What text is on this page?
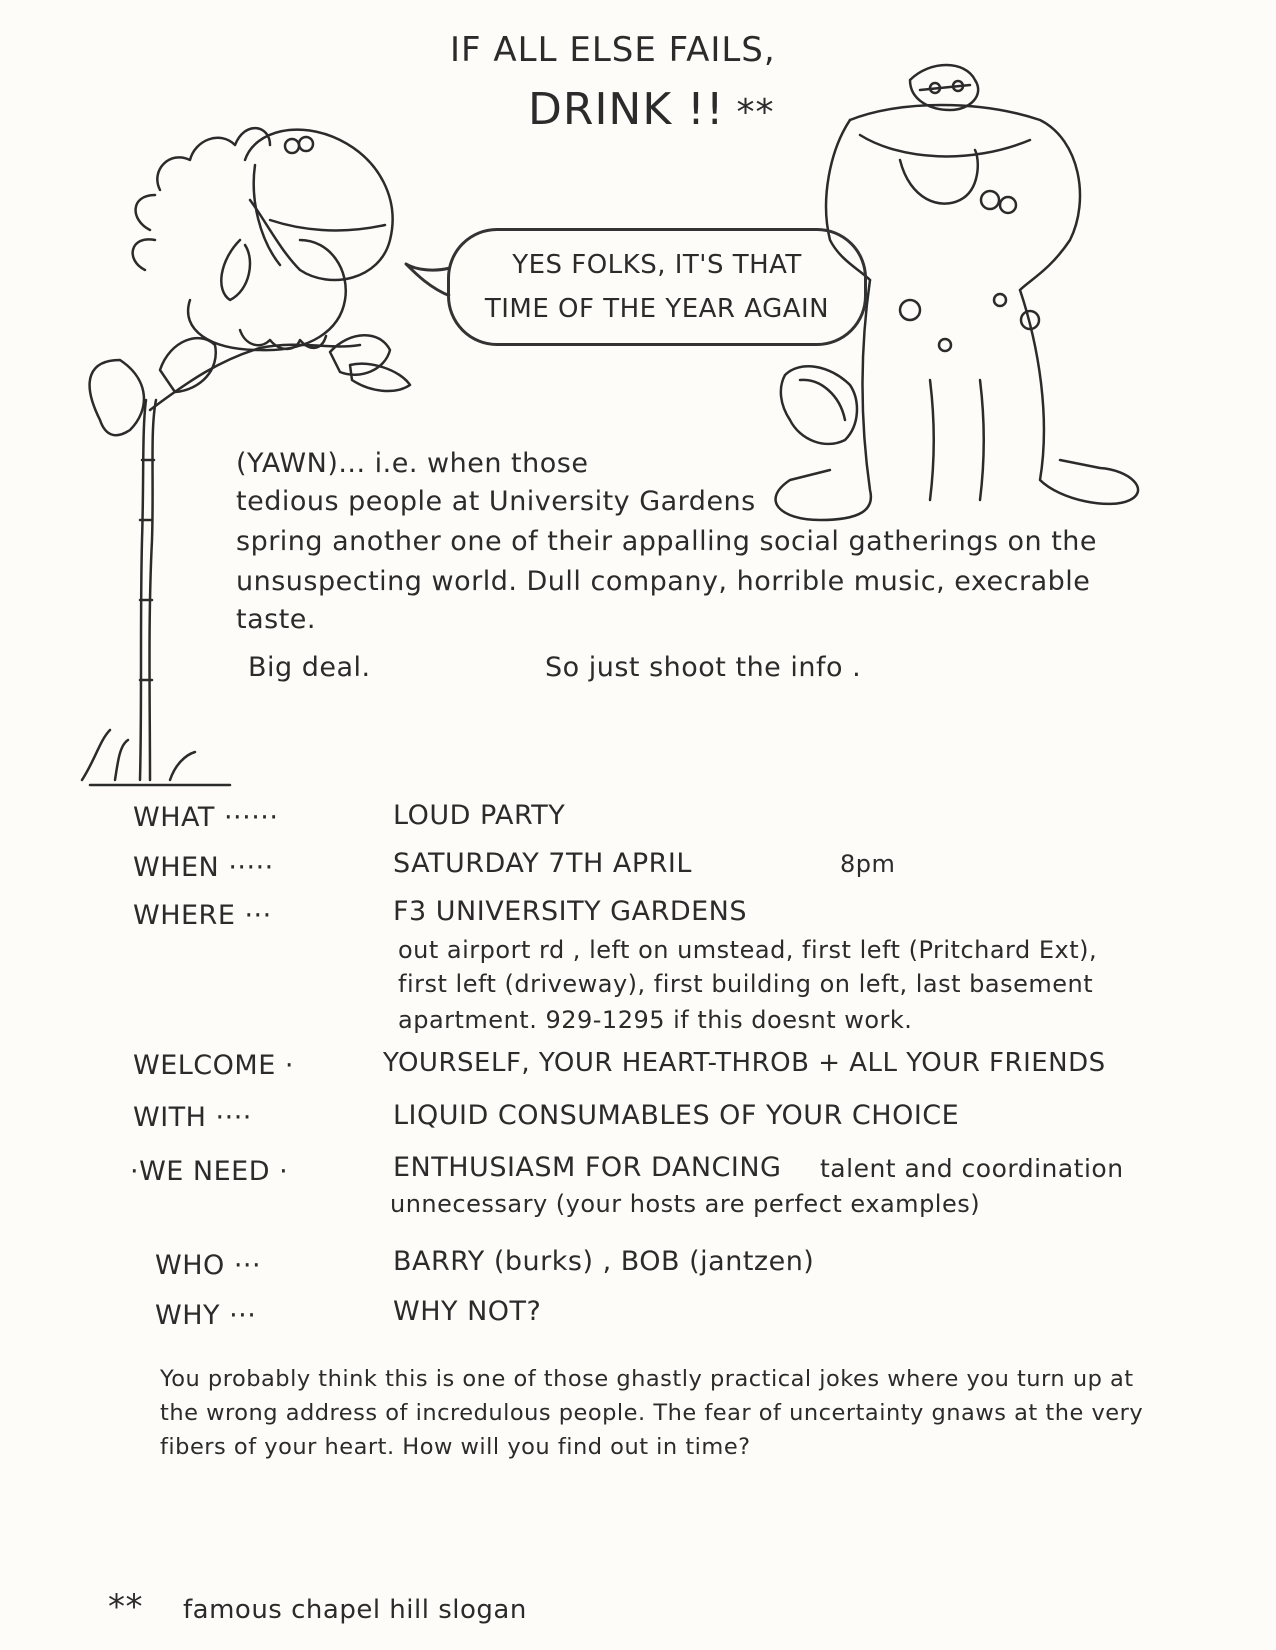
IF ALL ELSE FAILS,
DRINK !! **
YES FOLKS, IT'S THAT
TIME OF THE YEAR AGAIN
(YAWN)... i.e. when those
tedious people at University Gardens
spring another one of their appalling social gatherings on the
unsuspecting world. Dull company, horrible music, execrable
taste.
Big deal.	So just shoot the info .
WHAT ······	LOUD PARTY
WHEN ·····	SATURDAY 7TH APRIL	8pm
WHERE ···	F3 UNIVERSITY GARDENS
out airport rd , left on umstead, first left (Pritchard Ext),
first left (driveway), first building on left, last basement
apartment. 929-1295 if this doesnt work.
WELCOME ·	YOURSELF, YOUR HEART-THROB + ALL YOUR FRIENDS
WITH ····	LIQUID CONSUMABLES OF YOUR CHOICE
·WE NEED ·	ENTHUSIASM FOR DANCING talent and coordination
unnecessary (your hosts are perfect examples)
WHO ···	BARRY (burks) , BOB (jantzen)
WHY ···	WHY NOT?
You probably think this is one of those ghastly practical jokes where you turn up at
the wrong address of incredulous people. The fear of uncertainty gnaws at the very
fibers of your heart. How will you find out in time?
** famous chapel hill slogan
